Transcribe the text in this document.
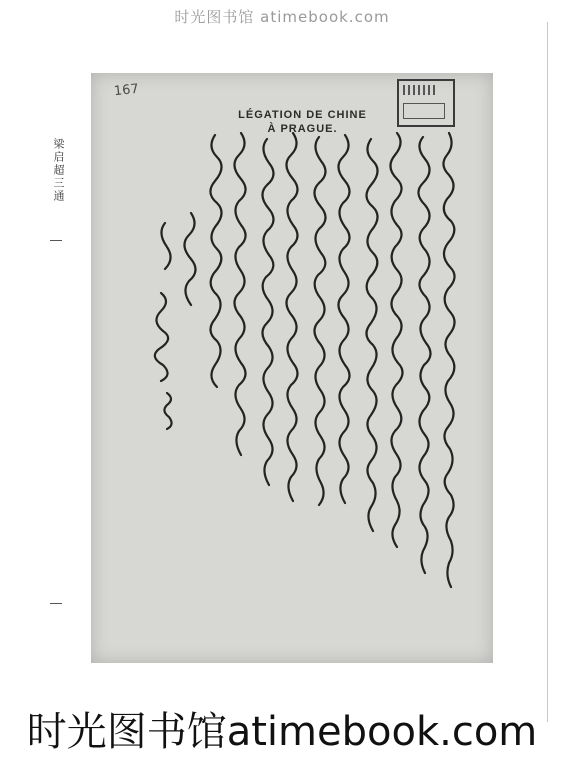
时光图书馆 atimebook.com
梁启超三通
167
LÉGATION DE CHINE
À PRAGUE.
时光图书馆atimebook.com
